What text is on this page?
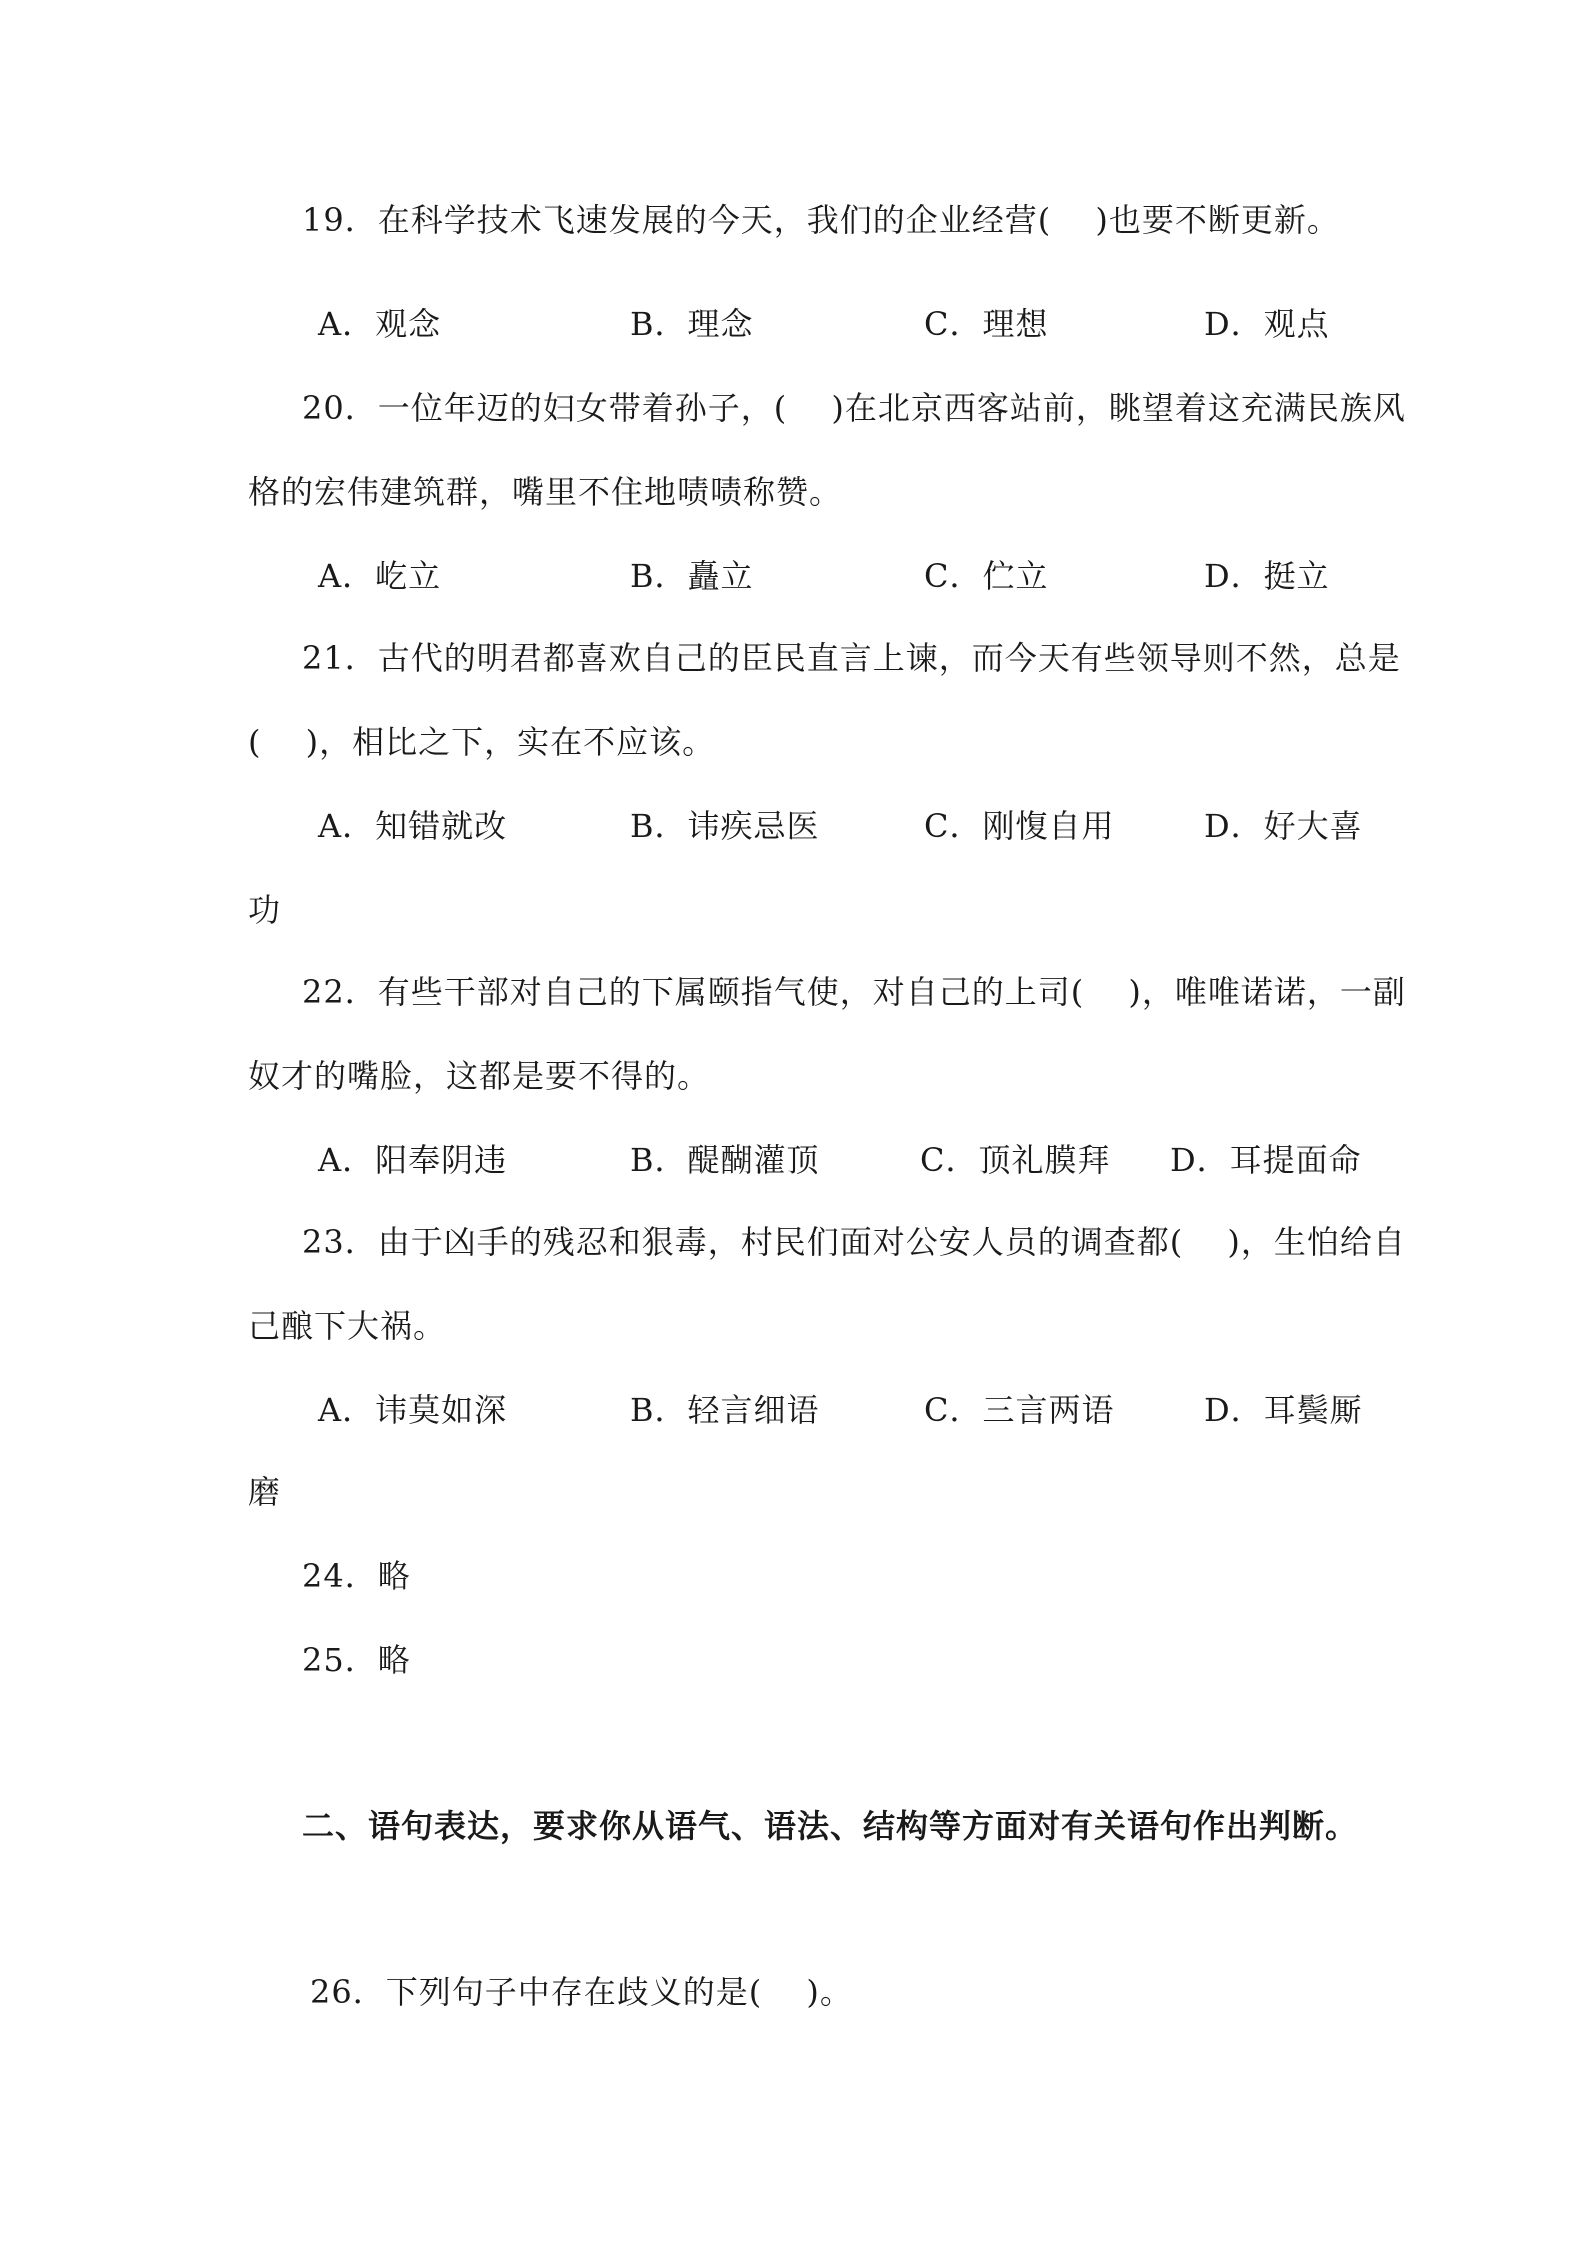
19．在科学技术飞速发展的今天，我们的企业经营(　 )也要不断更新。
A．观念	B．理念	C．理想	D．观点
20．一位年迈的妇女带着孙子，(　 )在北京西客站前，眺望着这充满民族风
格的宏伟建筑群，嘴里不住地啧啧称赞。
A．屹立	B．矗立	C．伫立	D．挺立
21．古代的明君都喜欢自己的臣民直言上谏，而今天有些领导则不然，总是
(　 )，相比之下，实在不应该。
A．知错就改	B．讳疾忌医	C．刚愎自用	D．好大喜
功
22．有些干部对自己的下属颐指气使，对自己的上司(　 )，唯唯诺诺，一副
奴才的嘴脸，这都是要不得的。
A．阳奉阴违	B．醍醐灌顶	C．顶礼膜拜 D．耳提面命
23．由于凶手的残忍和狠毒，村民们面对公安人员的调查都(　 )，生怕给自
己酿下大祸。
A．讳莫如深	B．轻言细语	C．三言两语	D．耳鬓厮
磨
24．略
25．略
二、语句表达，要求你从语气、语法、结构等方面对有关语句作出判断。
26．下列句子中存在歧义的是(　 )。
